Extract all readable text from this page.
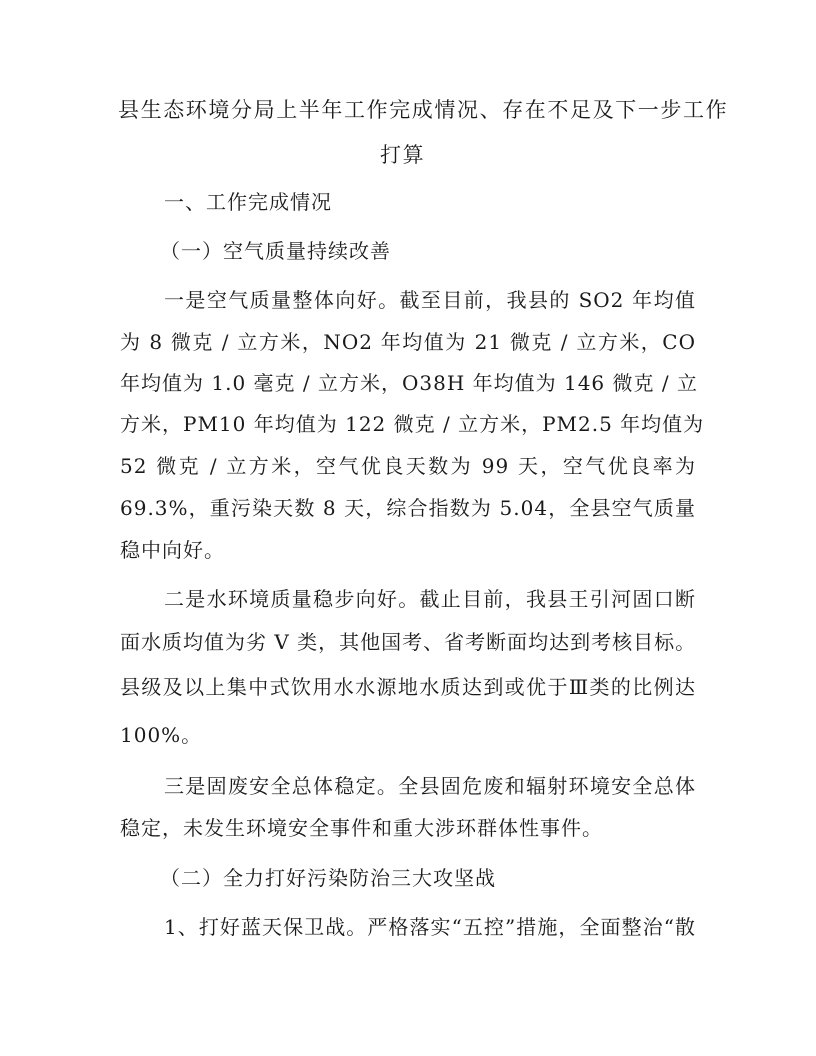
县生态环境分局上半年工作完成情况、存在不足及下一步工作
打算
一、工作完成情况
（一）空气质量持续改善
一是空气质量整体向好。截至目前，我县的 SO2 年均值
为 8 微克 / 立方米，NO2 年均值为 21 微克 / 立方米，CO
年均值为 1.0 毫克 / 立方米，O38H 年均值为 146 微克 / 立
方米，PM10 年均值为 122 微克 / 立方米，PM2.5 年均值为
52 微克 / 立方米，空气优良天数为 99 天，空气优良率为
69.3%，重污染天数 8 天，综合指数为 5.04，全县空气质量
稳中向好。
二是水环境质量稳步向好。截止目前，我县王引河固口断
面水质均值为劣 V 类，其他国考、省考断面均达到考核目标。
县级及以上集中式饮用水水源地水质达到或优于Ⅲ类的比例达
100%。
三是固废安全总体稳定。全县固危废和辐射环境安全总体
稳定，未发生环境安全事件和重大涉环群体性事件。
（二）全力打好污染防治三大攻坚战
1、打好蓝天保卫战。严格落实“五控”措施，全面整治“散
